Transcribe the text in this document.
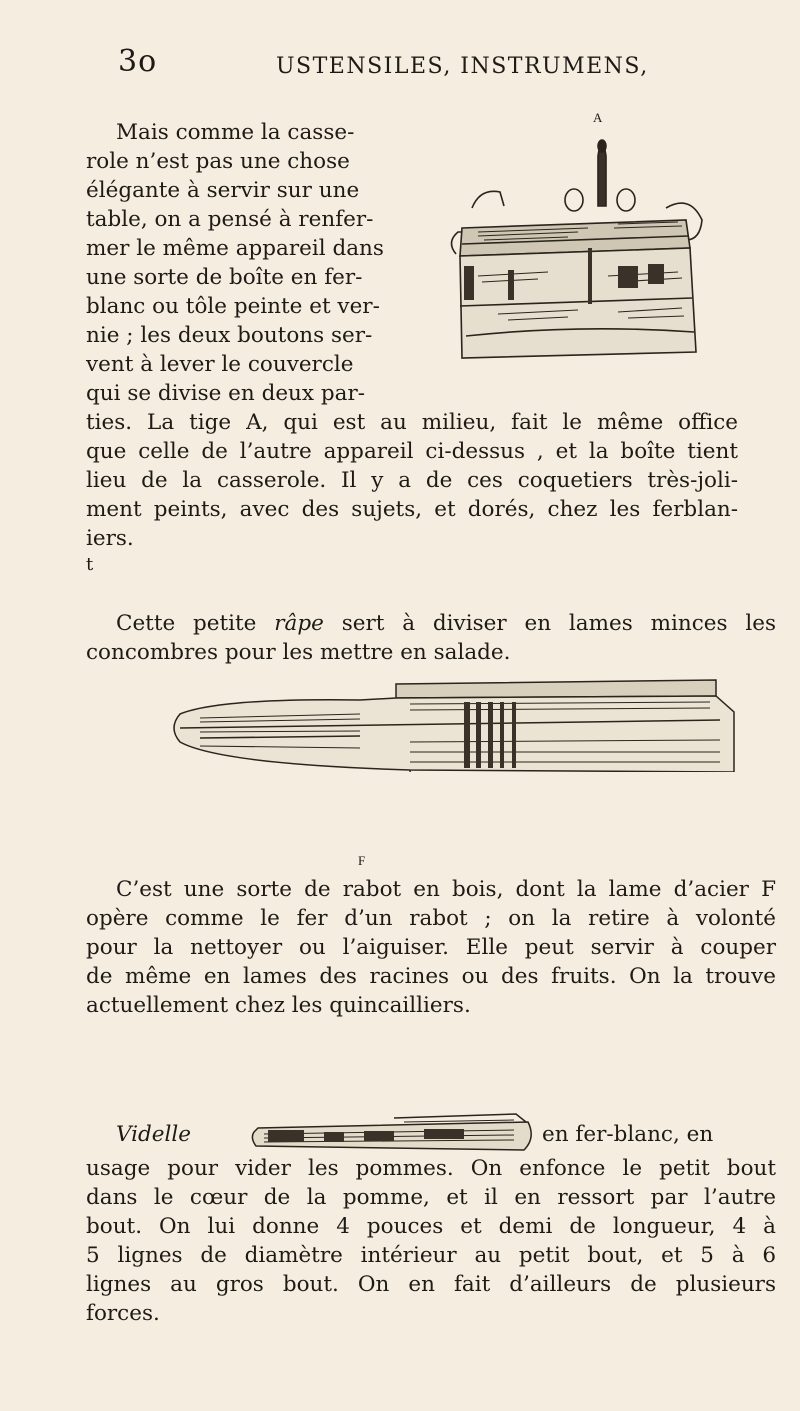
3o	USTENSILES, INSTRUMENS,
A
Mais comme la casse-
role n’est pas une chose
élégante à servir sur une
table, on a pensé à renfer-
mer le même appareil dans
une sorte de boîte en fer-
blanc ou tôle peinte et ver-
nie ; les deux boutons ser-
vent à lever le couvercle
qui se divise en deux par-
ties. La tige A, qui est au milieu, fait le même office
que celle de l’autre appareil ci-dessus , et la boîte tient
lieu de la casserole. Il y a de ces coquetiers très-joli-
ment peints, avec des sujets, et dorés, chez les ferblan-
iers.
t
Cette petite râpe sert à diviser en lames minces les
concombres pour les mettre en salade.
F
C’est une sorte de rabot en bois, dont la lame d’acier F
opère comme le fer d’un rabot ; on la retire à volonté
pour la nettoyer ou l’aiguiser. Elle peut servir à couper
de même en lames des racines ou des fruits. On la trouve
actuellement chez les quincailliers.
Videlle	en fer-blanc, en
usage pour vider les pommes. On enfonce le petit bout
dans le cœur de la pomme, et il en ressort par l’autre
bout. On lui donne 4 pouces et demi de longueur, 4 à
5 lignes de diamètre intérieur au petit bout, et 5 à 6
lignes au gros bout. On en fait d’ailleurs de plusieurs
forces.
